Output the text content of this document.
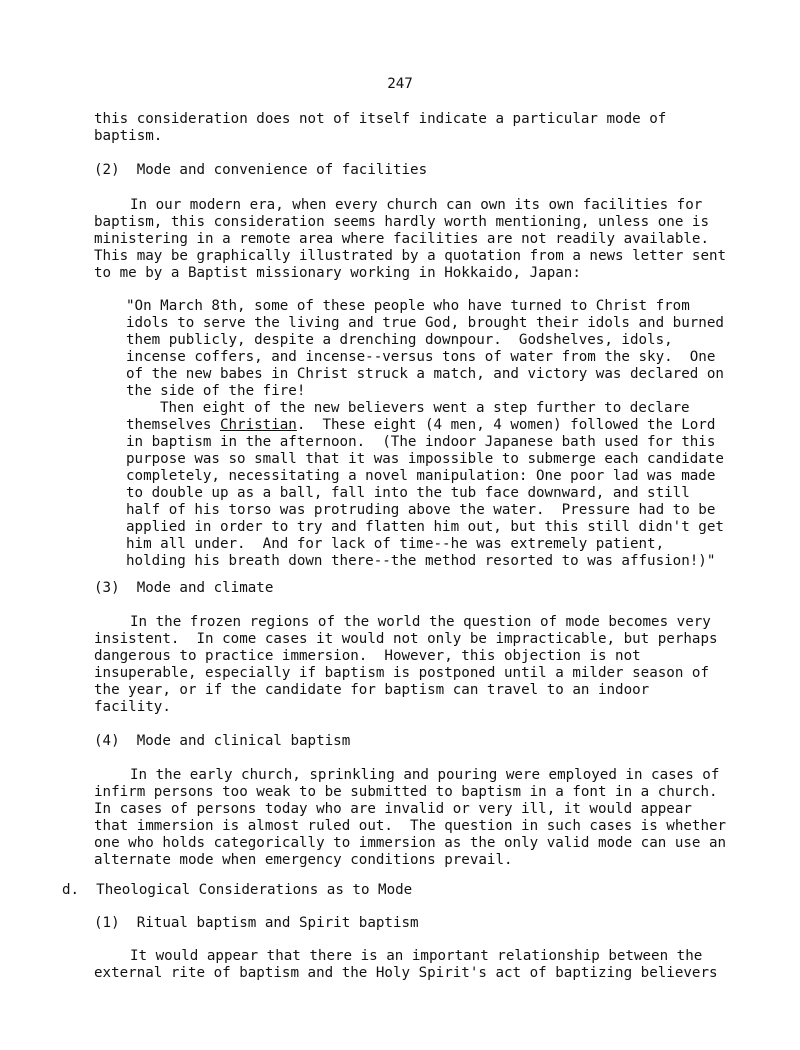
247
this consideration does not of itself indicate a particular mode of
baptism.
(2)  Mode and convenience of facilities
In our modern era, when every church can own its own facilities for
baptism, this consideration seems hardly worth mentioning, unless one is
ministering in a remote area where facilities are not readily available.
This may be graphically illustrated by a quotation from a news letter sent
to me by a Baptist missionary working in Hokkaido, Japan:
"On March 8th, some of these people who have turned to Christ from
idols to serve the living and true God, brought their idols and burned
them publicly, despite a drenching downpour.  Godshelves, idols,
incense coffers, and incense--versus tons of water from the sky.  One
of the new babes in Christ struck a match, and victory was declared on
the side of the fire!
Then eight of the new believers went a step further to declare
themselves Christian.  These eight (4 men, 4 women) followed the Lord
in baptism in the afternoon.  (The indoor Japanese bath used for this
purpose was so small that it was impossible to submerge each candidate
completely, necessitating a novel manipulation: One poor lad was made
to double up as a ball, fall into the tub face downward, and still
half of his torso was protruding above the water.  Pressure had to be
applied in order to try and flatten him out, but this still didn't get
him all under.  And for lack of time--he was extremely patient,
holding his breath down there--the method resorted to was affusion!)"
(3)  Mode and climate
In the frozen regions of the world the question of mode becomes very
insistent.  In come cases it would not only be impracticable, but perhaps
dangerous to practice immersion.  However, this objection is not
insuperable, especially if baptism is postponed until a milder season of
the year, or if the candidate for baptism can travel to an indoor
facility.
(4)  Mode and clinical baptism
In the early church, sprinkling and pouring were employed in cases of
infirm persons too weak to be submitted to baptism in a font in a church.
In cases of persons today who are invalid or very ill, it would appear
that immersion is almost ruled out.  The question in such cases is whether
one who holds categorically to immersion as the only valid mode can use an
alternate mode when emergency conditions prevail.
d.  Theological Considerations as to Mode
(1)  Ritual baptism and Spirit baptism
It would appear that there is an important relationship between the
external rite of baptism and the Holy Spirit's act of baptizing believers
